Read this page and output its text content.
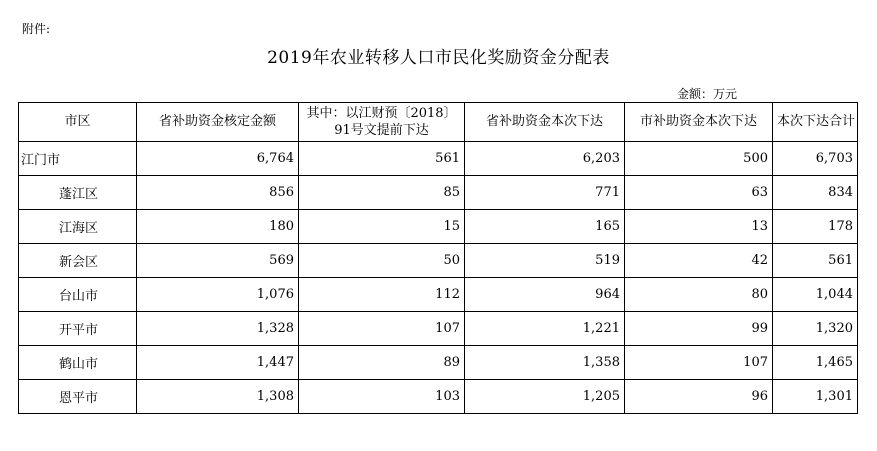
附件:
2019年农业转移人口市民化奖励资金分配表
金额：万元
市区	省补助资金核定金额	其中：以江财预〔2018〕91号文提前下达	省补助资金本次下达	市补助资金本次下达	本次下达合计
江门市	6,764	561	6,203	500	6,703
蓬江区	856	85	771	63	834
江海区	180	15	165	13	178
新会区	569	50	519	42	561
台山市	1,076	112	964	80	1,044
开平市	1,328	107	1,221	99	1,320
鹤山市	1,447	89	1,358	107	1,465
恩平市	1,308	103	1,205	96	1,301
